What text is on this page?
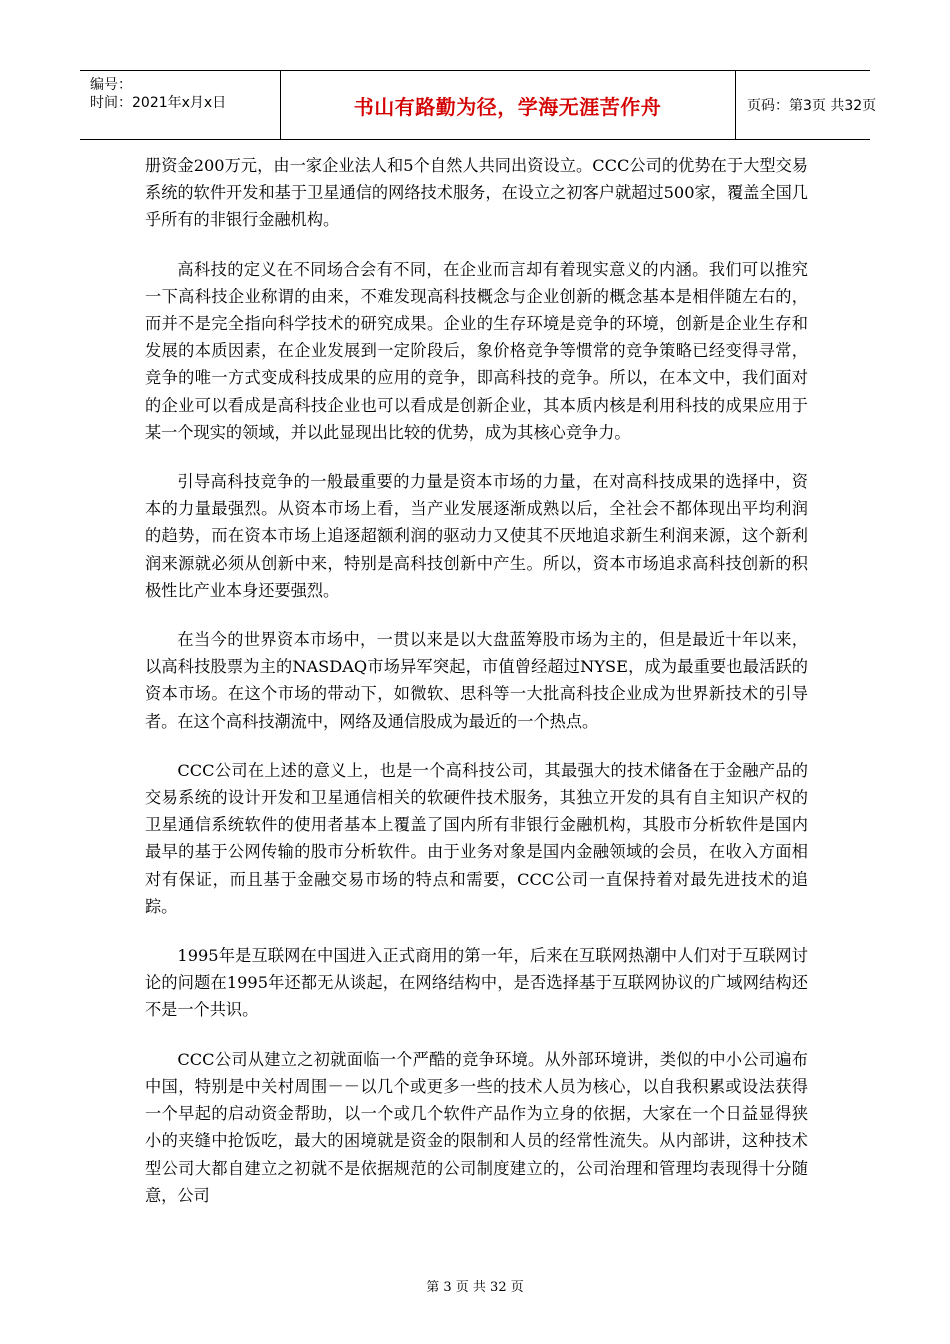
编号：
时间：2021年x月x日	书山有路勤为径，学海无涯苦作舟	页码：第3页 共32页

册资金200万元，由一家企业法人和5个自然人共同出资设立。CCC公司的优势在于大型交易系统的软件开发和基于卫星通信的网络技术服务，在设立之初客户就超过500家，覆盖全国几乎所有的非银行金融机构。

高科技的定义在不同场合会有不同，在企业而言却有着现实意义的内涵。我们可以推究一下高科技企业称谓的由来，不难发现高科技概念与企业创新的概念基本是相伴随左右的，而并不是完全指向科学技术的研究成果。企业的生存环境是竞争的环境，创新是企业生存和发展的本质因素，在企业发展到一定阶段后，象价格竞争等惯常的竞争策略已经变得寻常，竞争的唯一方式变成科技成果的应用的竞争，即高科技的竞争。所以，在本文中，我们面对的企业可以看成是高科技企业也可以看成是创新企业，其本质内核是利用科技的成果应用于某一个现实的领域，并以此显现出比较的优势，成为其核心竞争力。

引导高科技竞争的一般最重要的力量是资本市场的力量，在对高科技成果的选择中，资本的力量最强烈。从资本市场上看，当产业发展逐渐成熟以后，全社会不都体现出平均利润的趋势，而在资本市场上追逐超额利润的驱动力又使其不厌地追求新生利润来源，这个新利润来源就必须从创新中来，特别是高科技创新中产生。所以，资本市场追求高科技创新的积极性比产业本身还要强烈。

在当今的世界资本市场中，一贯以来是以大盘蓝筹股市场为主的，但是最近十年以来，以高科技股票为主的NASDAQ市场异军突起，市值曾经超过NYSE，成为最重要也最活跃的资本市场。在这个市场的带动下，如微软、思科等一大批高科技企业成为世界新技术的引导者。在这个高科技潮流中，网络及通信股成为最近的一个热点。

CCC公司在上述的意义上，也是一个高科技公司，其最强大的技术储备在于金融产品的交易系统的设计开发和卫星通信相关的软硬件技术服务，其独立开发的具有自主知识产权的卫星通信系统软件的使用者基本上覆盖了国内所有非银行金融机构，其股市分析软件是国内最早的基于公网传输的股市分析软件。由于业务对象是国内金融领域的会员，在收入方面相对有保证，而且基于金融交易市场的特点和需要，CCC公司一直保持着对最先进技术的追踪。

1995年是互联网在中国进入正式商用的第一年，后来在互联网热潮中人们对于互联网讨论的问题在1995年还都无从谈起，在网络结构中，是否选择基于互联网协议的广域网结构还不是一个共识。

CCC公司从建立之初就面临一个严酷的竞争环境。从外部环境讲，类似的中小公司遍布中国，特别是中关村周围－－以几个或更多一些的技术人员为核心，以自我积累或设法获得一个早起的启动资金帮助，以一个或几个软件产品作为立身的依据，大家在一个日益显得狭小的夹缝中抢饭吃，最大的困境就是资金的限制和人员的经常性流失。从内部讲，这种技术型公司大都自建立之初就不是依据规范的公司制度建立的，公司治理和管理均表现得十分随意，公司

第 3 页 共 32 页
